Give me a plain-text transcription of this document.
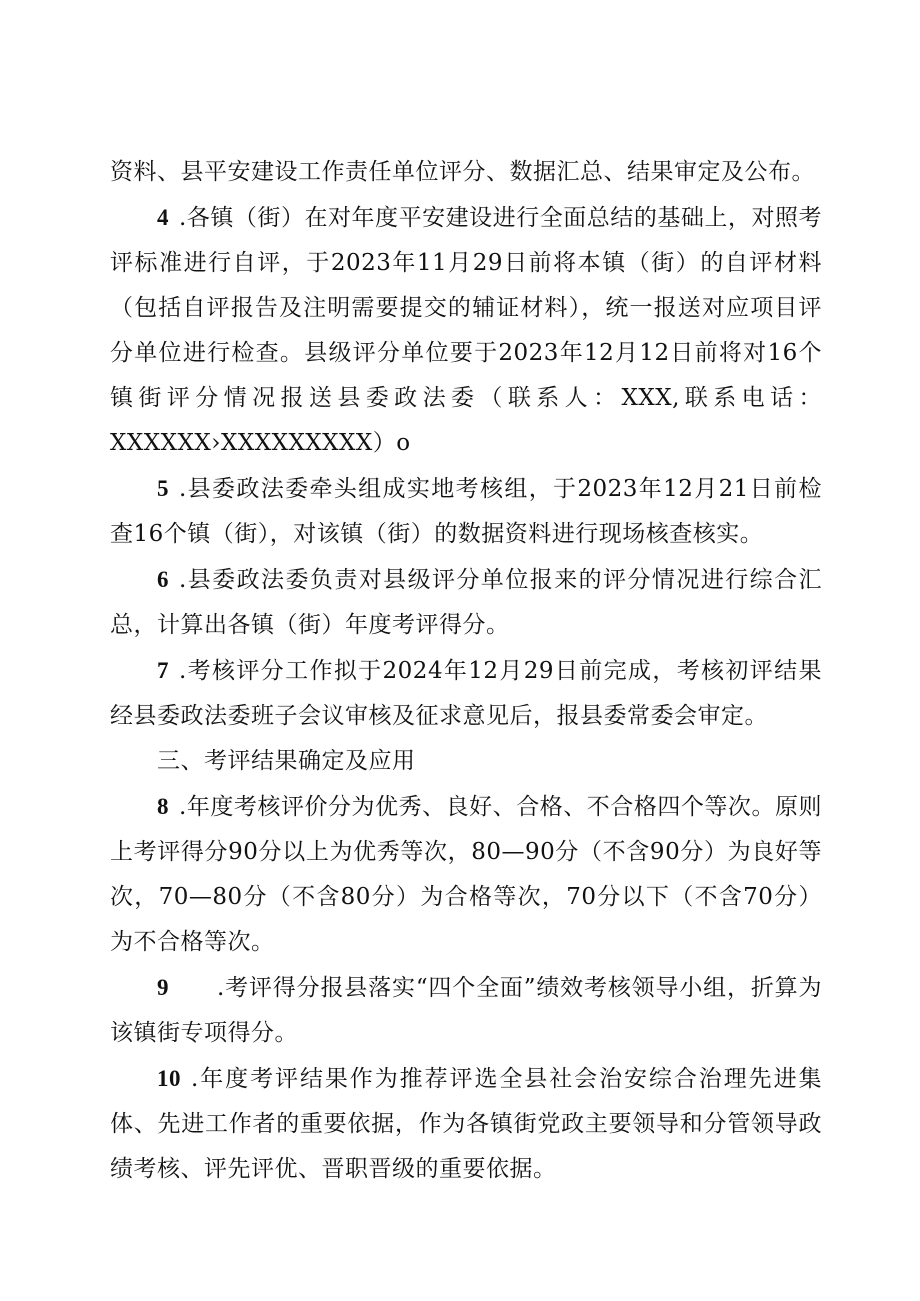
资料、县平安建设工作责任单位评分、数据汇总、结果审定及公布。

4 .各镇（街）在对年度平安建设进行全面总结的基础上，对照考评标准进行自评，于2023年11月29日前将本镇（街）的自评材料（包括自评报告及注明需要提交的辅证材料），统一报送对应项目评分单位进行检查。县级评分单位要于2023年12月12日前将对16个镇街评分情况报送县委政法委（联系人：XXX,联系电话：XXXXXX›XXXXXXXXX）o

5 .县委政法委牵头组成实地考核组，于2023年12月21日前检查16个镇（街），对该镇（街）的数据资料进行现场核查核实。

6 .县委政法委负责对县级评分单位报来的评分情况进行综合汇总，计算出各镇（街）年度考评得分。

7 .考核评分工作拟于2024年12月29日前完成，考核初评结果经县委政法委班子会议审核及征求意见后，报县委常委会审定。

三、考评结果确定及应用

8 .年度考核评价分为优秀、良好、合格、不合格四个等次。原则上考评得分90分以上为优秀等次，80—90分（不含90分）为良好等次，70—80分（不含80分）为合格等次，70分以下（不含70分）为不合格等次。

9 .考评得分报县落实“四个全面”绩效考核领导小组，折算为该镇街专项得分。

10 .年度考评结果作为推荐评选全县社会治安综合治理先进集体、先进工作者的重要依据，作为各镇街党政主要领导和分管领导政绩考核、评先评优、晋职晋级的重要依据。
